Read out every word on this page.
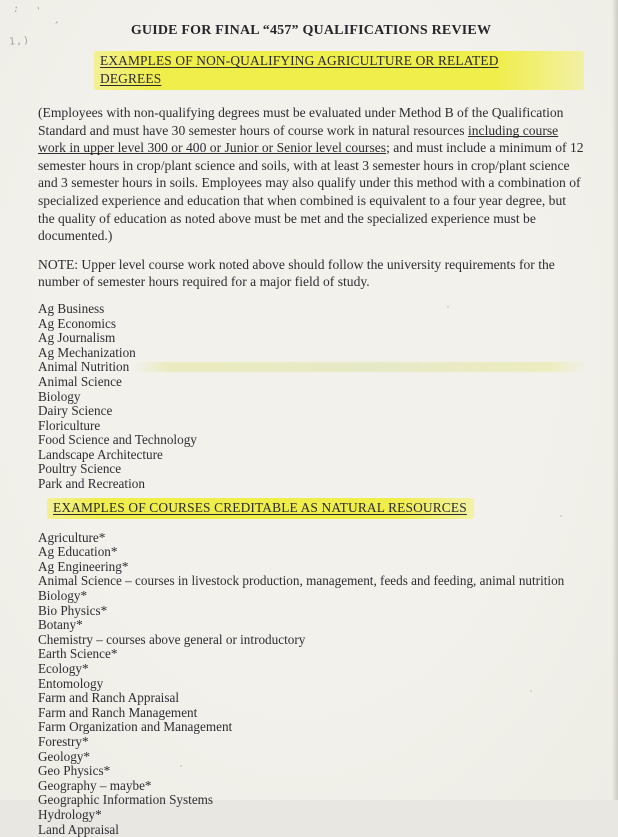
: '
,
1,)
GUIDE FOR FINAL “457” QUALIFICATIONS REVIEW
EXAMPLES OF NON-QUALIFYING AGRICULTURE OR RELATED DEGREES

(Employees with non-qualifying degrees must be evaluated under Method B of the Qualification Standard and must have 30 semester hours of course work in natural resources including course work in upper level 300 or 400 or Junior or Senior level courses; and must include a minimum of 12 semester hours in crop/plant science and soils, with at least 3 semester hours in crop/plant science and 3 semester hours in soils. Employees may also qualify under this method with a combination of specialized experience and education that when combined is equivalent to a four year degree, but the quality of education as noted above must be met and the specialized experience must be documented.)

NOTE: Upper level course work noted above should follow the university requirements for the number of semester hours required for a major field of study.

Ag Business
Ag Economics
Ag Journalism
Ag Mechanization
Animal Nutrition
Animal Science
Biology
Dairy Science
Floriculture
Food Science and Technology
Landscape Architecture
Poultry Science
Park and Recreation
EXAMPLES OF COURSES CREDITABLE AS NATURAL RESOURCES
Agriculture*
Ag Education*
Ag Engineering*
Animal Science – courses in livestock production, management, feeds and feeding, animal nutrition
Biology*
Bio Physics*
Botany*
Chemistry – courses above general or introductory
Earth Science*
Ecology*
Entomology
Farm and Ranch Appraisal
Farm and Ranch Management
Farm Organization and Management
Forestry*
Geology*
Geo Physics*
Geography – maybe*
Geographic Information Systems
Hydrology*
Land Appraisal
